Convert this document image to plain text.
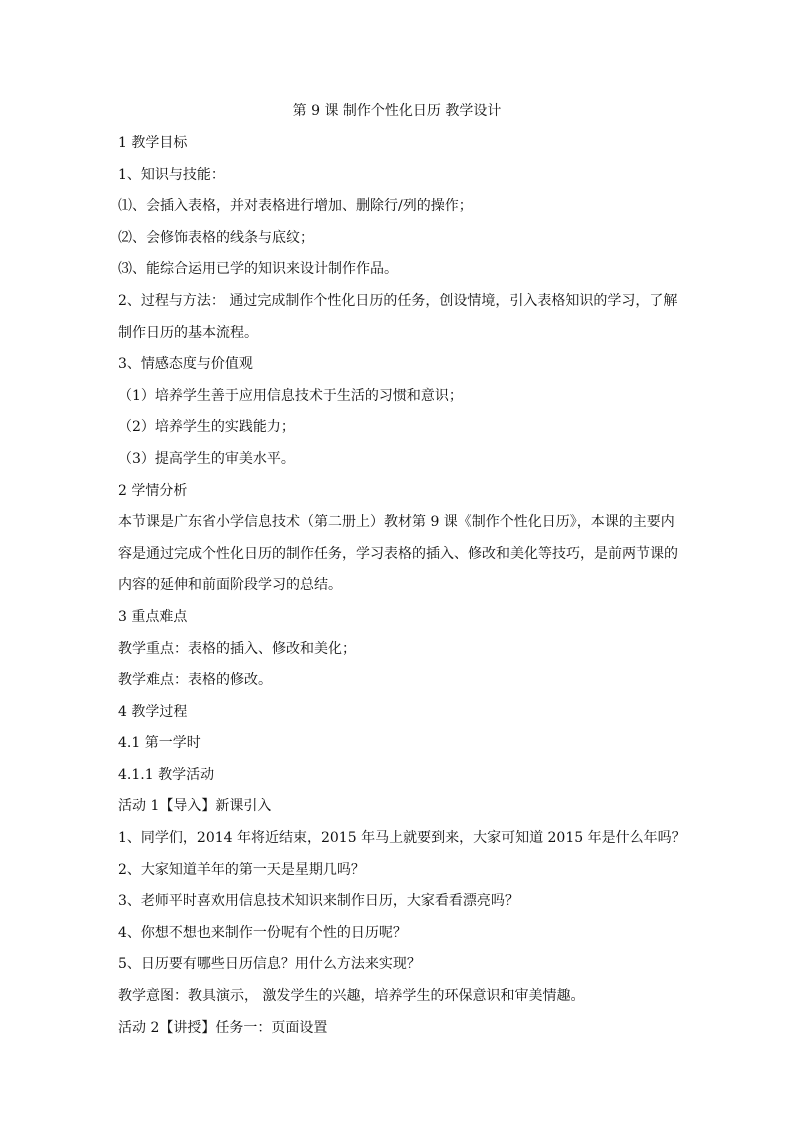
第 9 课 制作个性化日历 教学设计
1 教学目标
1、知识与技能：
⑴、会插入表格，并对表格进行增加、删除行/列的操作；
⑵、会修饰表格的线条与底纹；
⑶、能综合运用已学的知识来设计制作作品。
2、过程与方法： 通过完成制作个性化日历的任务，创设情境，引入表格知识的学习，了解
制作日历的基本流程。
3、情感态度与价值观
（1）培养学生善于应用信息技术于生活的习惯和意识；
（2）培养学生的实践能力；
（3）提高学生的审美水平。
2 学情分析
本节课是广东省小学信息技术（第二册上）教材第 9 课《制作个性化日历》，本课的主要内
容是通过完成个性化日历的制作任务，学习表格的插入、修改和美化等技巧，是前两节课的
内容的延伸和前面阶段学习的总结。
3 重点难点
教学重点：表格的插入、修改和美化；
教学难点：表格的修改。
4 教学过程
4.1 第一学时
4.1.1 教学活动
活动 1【导入】新课引入
1、同学们，2014 年将近结束，2015 年马上就要到来，大家可知道 2015 年是什么年吗？
2、大家知道羊年的第一天是星期几吗？
3、老师平时喜欢用信息技术知识来制作日历，大家看看漂亮吗？
4、你想不想也来制作一份呢有个性的日历呢？
5、日历要有哪些日历信息？用什么方法来实现？
教学意图：教具演示， 激发学生的兴趣，培养学生的环保意识和审美情趣。
活动 2【讲授】任务一：页面设置
